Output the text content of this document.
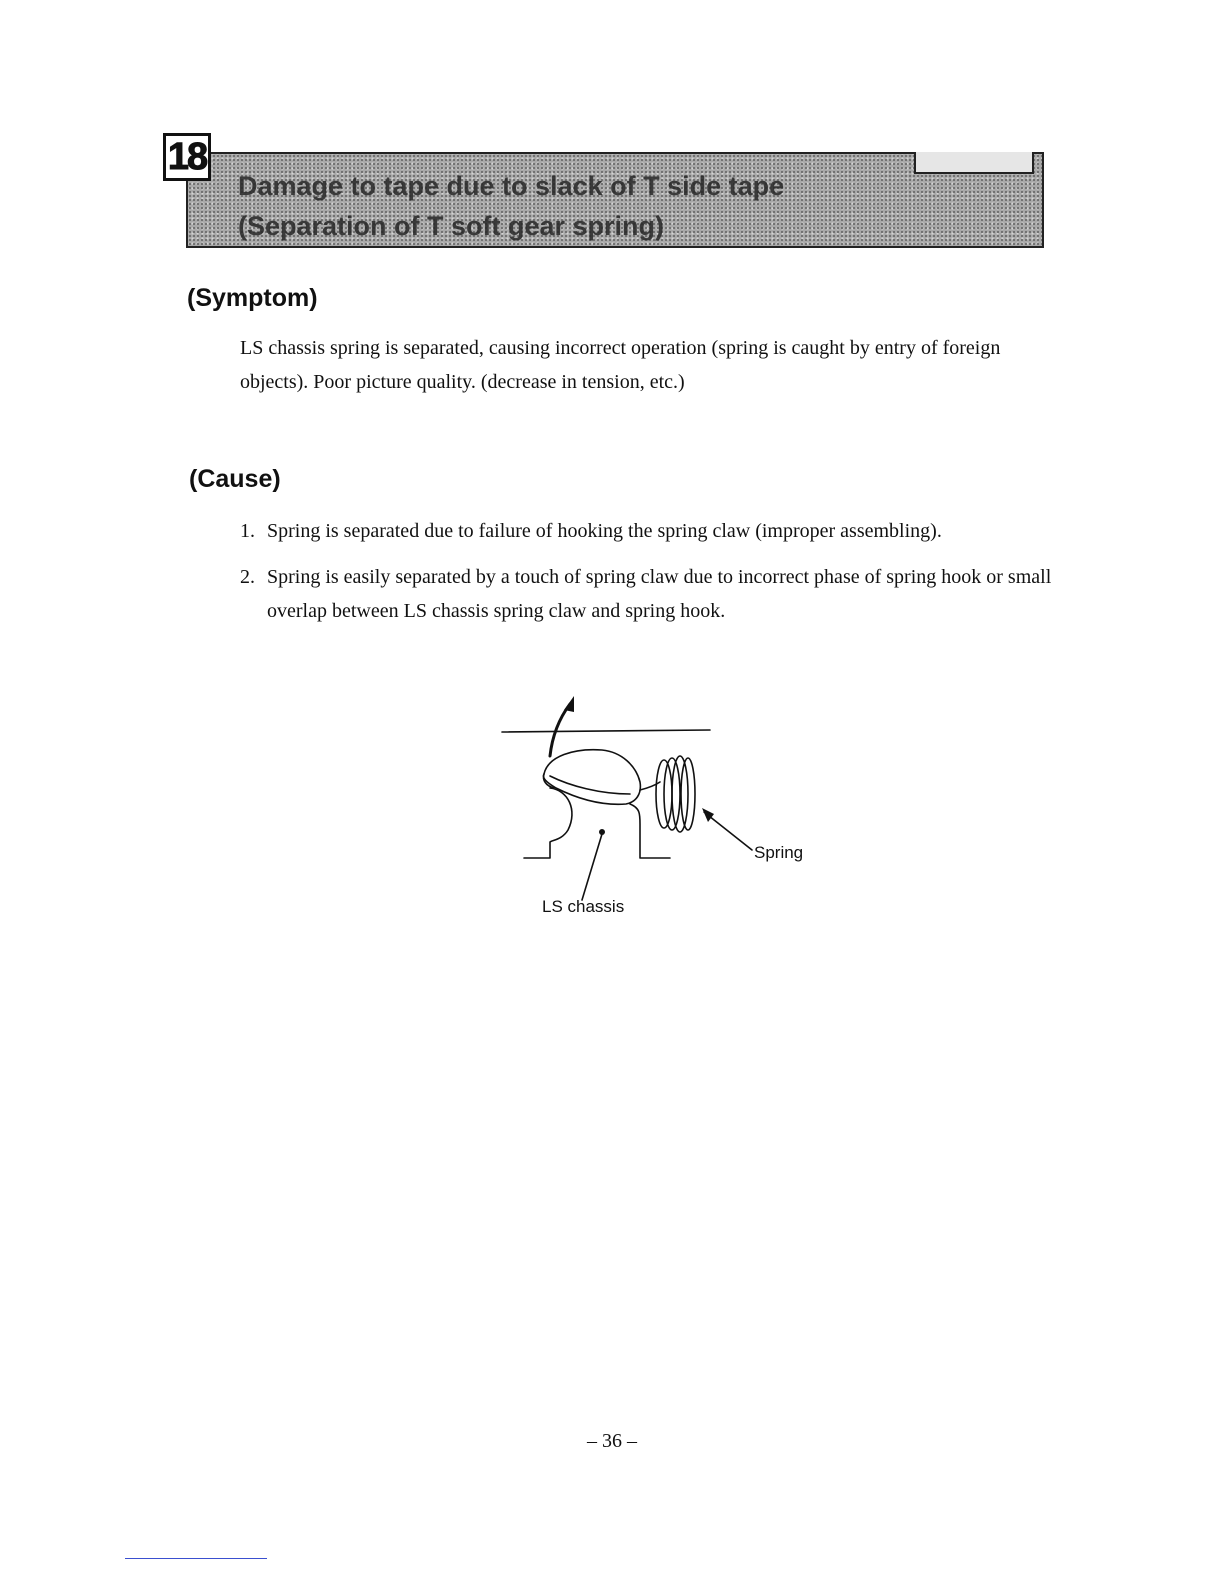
18
Damage to tape due to slack of T side tape
(Separation of T soft gear spring)
(Symptom)

LS chassis spring is separated, causing incorrect operation (spring is caught by entry of foreign objects). Poor picture quality. (decrease in tension, etc.)

(Cause)
1. Spring is separated due to failure of hooking the spring claw (improper assembling).
2. Spring is easily separated by a touch of spring claw due to incorrect phase of spring hook or small overlap between LS chassis spring claw and spring hook.
Spring
LS chassis
– 36 –
